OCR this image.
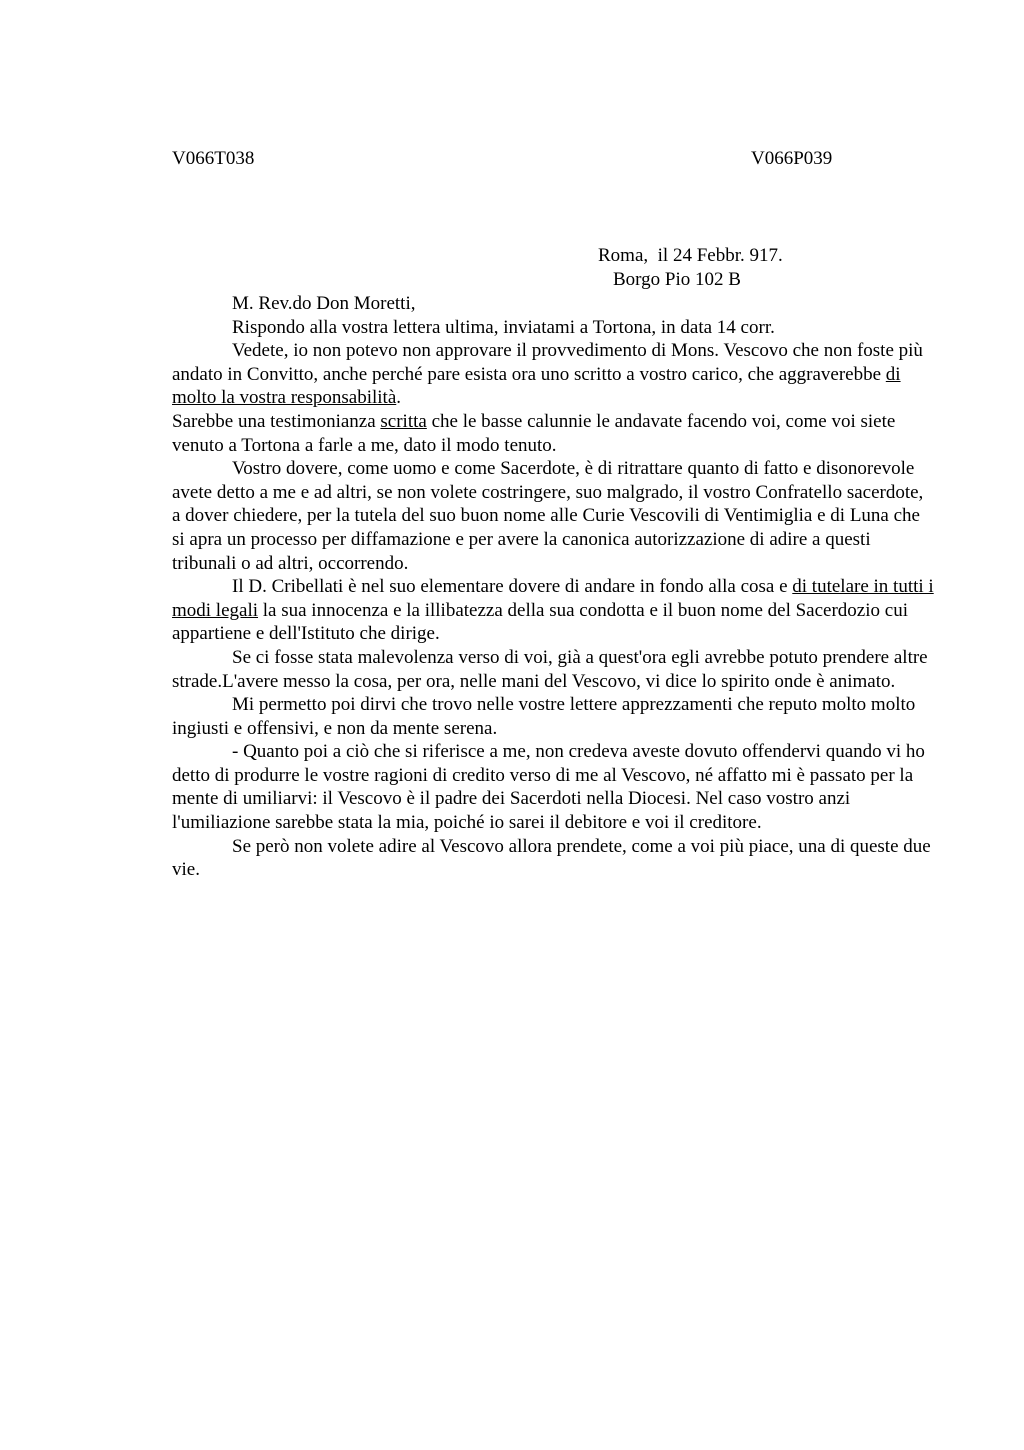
V066T038	V066P039
Roma,  il 24 Febbr. 917.
Borgo Pio 102 B

M. Rev.do Don Moretti,

Rispondo alla vostra lettera ultima, inviatami a Tortona, in data 14 corr.

Vedete, io non potevo non approvare il provvedimento di Mons. Vescovo che non foste più andato in Convitto, anche perché pare esista ora uno scritto a vostro carico, che aggraverebbe di molto la vostra responsabilità.

Sarebbe una testimonianza scritta che le basse calunnie le andavate facendo voi, come voi siete venuto a Tortona a farle a me, dato il modo tenuto.

Vostro dovere, come uomo e come Sacerdote, è di ritrattare quanto di fatto e disonorevole avete detto a me e ad altri, se non volete costringere, suo malgrado, il vostro Confratello sacerdote, a dover chiedere, per la tutela del suo buon nome alle Curie Vescovili di Ventimiglia e di Luna che si apra un processo per diffamazione e per avere la canonica autorizzazione di adire a questi tribunali o ad altri, occorrendo.

Il D. Cribellati è nel suo elementare dovere di andare in fondo alla cosa e di tutelare in tutti i modi legali la sua innocenza e la illibatezza della sua condotta e il buon nome del Sacerdozio cui appartiene e dell'Istituto che dirige.

Se ci fosse stata malevolenza verso di voi, già a quest'ora egli avrebbe potuto prendere altre strade.L'avere messo la cosa, per ora, nelle mani del Vescovo, vi dice lo spirito onde è animato.

Mi permetto poi dirvi che trovo nelle vostre lettere apprezzamenti che reputo molto molto ingiusti e offensivi, e non da mente serena.

- Quanto poi a ciò che si riferisce a me, non credeva aveste dovuto offendervi quando vi ho detto di produrre le vostre ragioni di credito verso di me al Vescovo, né affatto mi è passato per la mente di umiliarvi: il Vescovo è il padre dei Sacerdoti nella Diocesi. Nel caso vostro anzi l'umiliazione sarebbe stata la mia, poiché io sarei il debitore e voi il creditore.

Se però non volete adire al Vescovo allora prendete, come a voi più piace, una di queste due vie.
